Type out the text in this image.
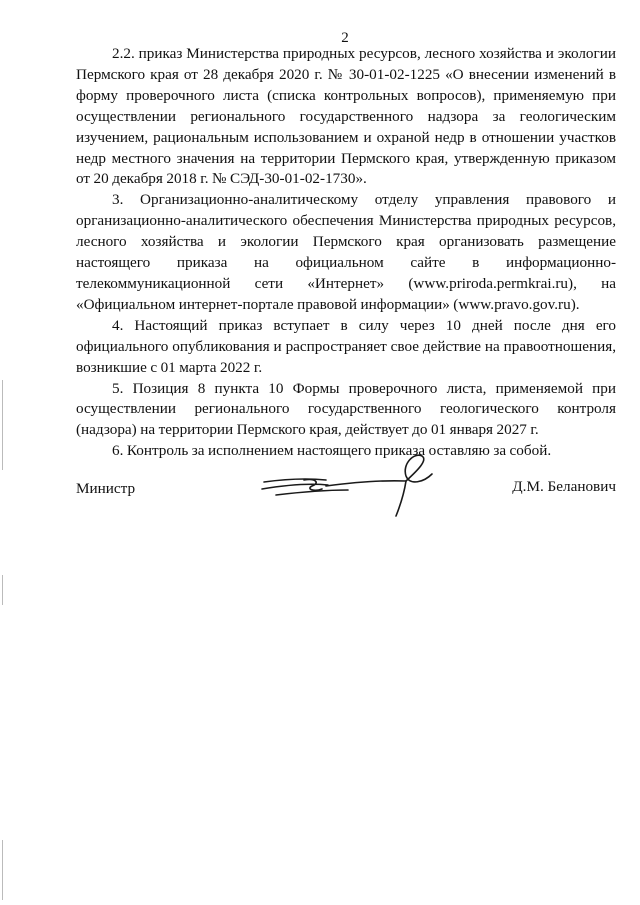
2

2.2. приказ Министерства природных ресурсов, лесного хозяйства и экологии Пермского края от 28 декабря 2020 г. № 30-01-02-1225 «О внесении изменений в форму проверочного листа (списка контрольных вопросов), применяемую при осуществлении регионального государственного надзора за геологическим изучением, рациональным использованием и охраной недр в отношении участков недр местного значения на территории Пермского края, утвержденную приказом от 20 декабря 2018 г. № СЭД-30-01-02-1730».

3. Организационно-аналитическому отделу управления правового и организационно-аналитического обеспечения Министерства природных ресурсов, лесного хозяйства и экологии Пермского края организовать размещение настоящего приказа на официальном сайте в информационно-телекоммуникационной сети «Интернет» (www.priroda.permkrai.ru), на «Официальном интернет-портале правовой информации» (www.pravo.gov.ru).

4. Настоящий приказ вступает в силу через 10 дней после дня его официального опубликования и распространяет свое действие на правоотношения, возникшие с 01 марта 2022 г.

5. Позиция 8 пункта 10 Формы проверочного листа, применяемой при осуществлении регионального государственного геологического контроля (надзора) на территории Пермского края, действует до 01 января 2027 г.

6. Контроль за исполнением настоящего приказа оставляю за собой.

Министр	Д.М. Беланович
